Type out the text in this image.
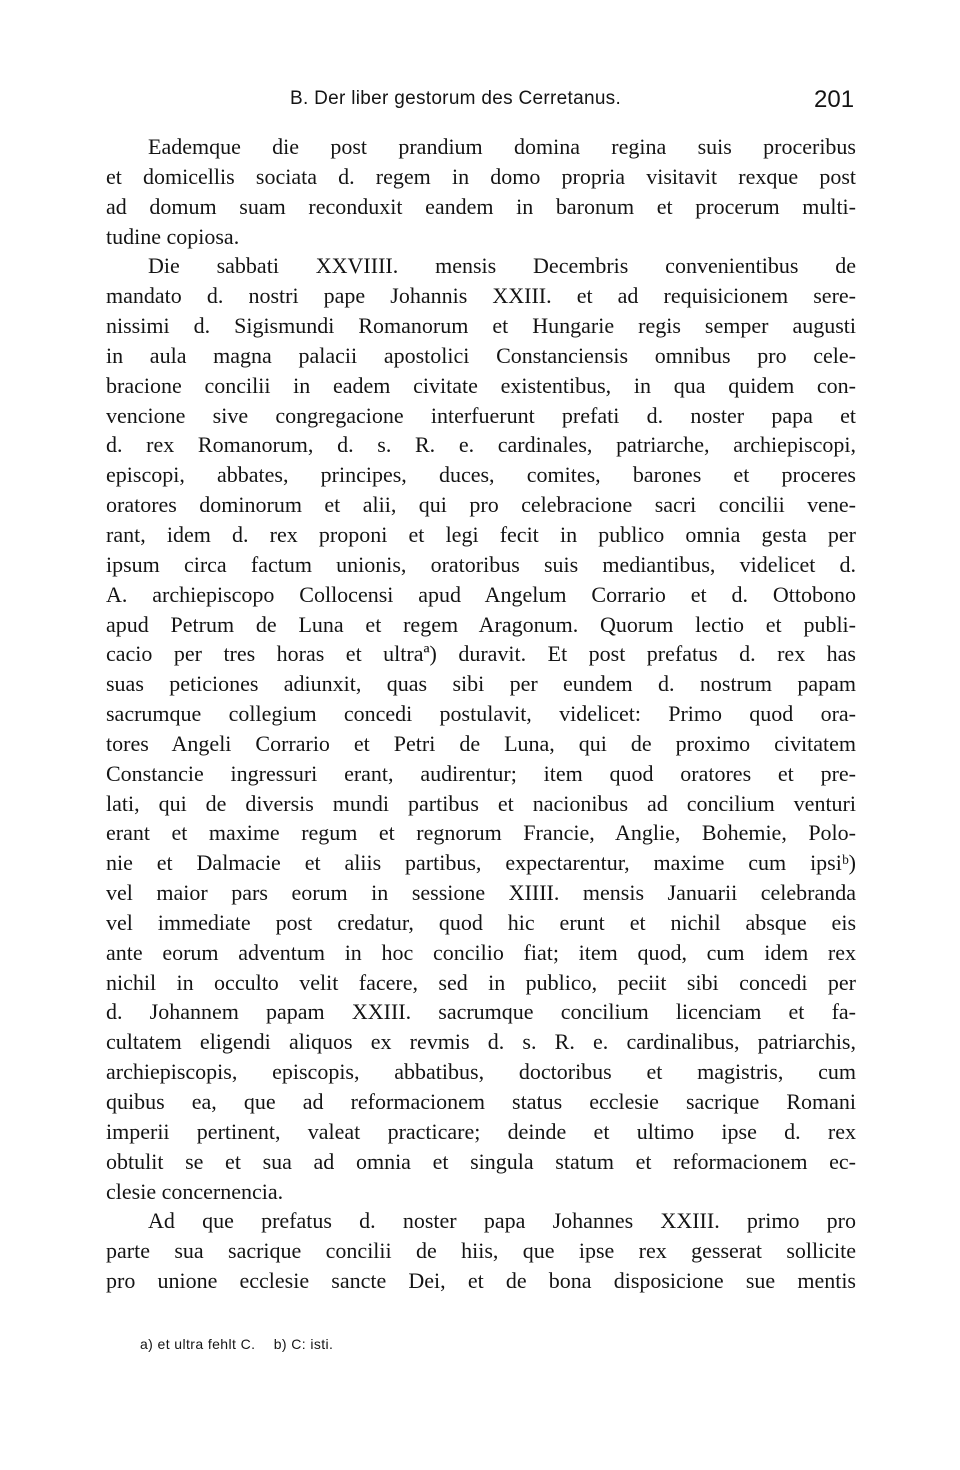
B. Der liber gestorum des Cerretanus.	201
Eademque die post prandium domina regina suis proceribus
et domicellis sociata d. regem in domo propria visitavit rexque post
ad domum suam reconduxit eandem in baronum et procerum multi-
tudine copiosa.
Die sabbati XXVIIII. mensis Decembris convenientibus de
mandato d. nostri pape Johannis XXIII. et ad requisicionem sere-
nissimi d. Sigismundi Romanorum et Hungarie regis semper augusti
in aula magna palacii apostolici Constanciensis omnibus pro cele-
bracione concilii in eadem civitate existentibus, in qua quidem con-
vencione sive congregacione interfuerunt prefati d. noster papa et
d. rex Romanorum, d. s. R. e. cardinales, patriarche, archiepiscopi,
episcopi, abbates, principes, duces, comites, barones et proceres
oratores dominorum et alii, qui pro celebracione sacri concilii vene-
rant, idem d. rex proponi et legi fecit in publico omnia gesta per
ipsum circa factum unionis, oratoribus suis mediantibus, videlicet d.
A. archiepiscopo Collocensi apud Angelum Corrario et d. Ottobono
apud Petrum de Luna et regem Aragonum. Quorum lectio et publi-
cacio per tres horas et ultraª) duravit. Et post prefatus d. rex has
suas peticiones adiunxit, quas sibi per eundem d. nostrum papam
sacrumque collegium concedi postulavit, videlicet: Primo quod ora-
tores Angeli Corrario et Petri de Luna, qui de proximo civitatem
Constancie ingressuri erant, audirentur; item quod oratores et pre-
lati, qui de diversis mundi partibus et nacionibus ad concilium venturi
erant et maxime regum et regnorum Francie, Anglie, Bohemie, Polo-
nie et Dalmacie et aliis partibus, expectarentur, maxime cum ipsiᵇ)
vel maior pars eorum in sessione XIIII. mensis Januarii celebranda
vel immediate post credatur, quod hic erunt et nichil absque eis
ante eorum adventum in hoc concilio fiat; item quod, cum idem rex
nichil in occulto velit facere, sed in publico, peciit sibi concedi per
d. Johannem papam XXIII. sacrumque concilium licenciam et fa-
cultatem eligendi aliquos ex revmis d. s. R. e. cardinalibus, patriarchis,
archiepiscopis, episcopis, abbatibus, doctoribus et magistris, cum
quibus ea, que ad reformacionem status ecclesie sacrique Romani
imperii pertinent, valeat practicare; deinde et ultimo ipse d. rex
obtulit se et sua ad omnia et singula statum et reformacionem ec-
clesie concernencia.
Ad que prefatus d. noster papa Johannes XXIII. primo pro
parte sua sacrique concilii de hiis, que ipse rex gesserat sollicite
pro unione ecclesie sancte Dei, et de bona disposicione sue mentis
a) et ultra fehlt C. b) C: isti.
